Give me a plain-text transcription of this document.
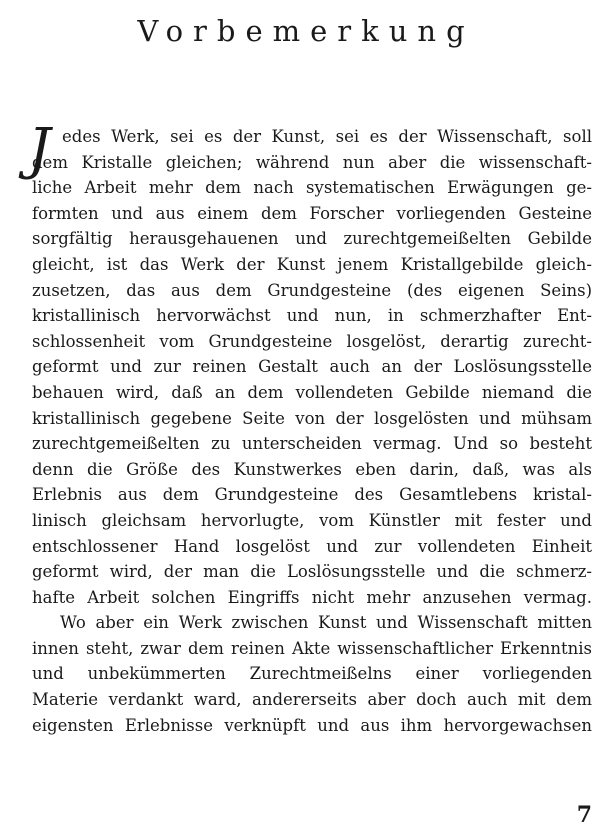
Vorbemerkung
J edes Werk, sei es der Kunst, sei es der Wissenschaft, soll
dem Kristalle gleichen; während nun aber die wissenschaft-
liche Arbeit mehr dem nach systematischen Erwägungen ge-
formten und aus einem dem Forscher vorliegenden Gesteine
sorgfältig herausgehauenen und zurechtgemeißelten Gebilde
gleicht, ist das Werk der Kunst jenem Kristallgebilde gleich-
zusetzen, das aus dem Grundgesteine (des eigenen Seins)
kristallinisch hervorwächst und nun, in schmerzhafter Ent-
schlossenheit vom Grundgesteine losgelöst, derartig zurecht-
geformt und zur reinen Gestalt auch an der Loslösungsstelle
behauen wird, daß an dem vollendeten Gebilde niemand die
kristallinisch gegebene Seite von der losgelösten und mühsam
zurechtgemeißelten zu unterscheiden vermag. Und so besteht
denn die Größe des Kunstwerkes eben darin, daß, was als
Erlebnis aus dem Grundgesteine des Gesamtlebens kristal-
linisch gleichsam hervorlugte, vom Künstler mit fester und
entschlossener Hand losgelöst und zur vollendeten Einheit
geformt wird, der man die Loslösungsstelle und die schmerz-
hafte Arbeit solchen Eingriffs nicht mehr anzusehen vermag.
Wo aber ein Werk zwischen Kunst und Wissenschaft mitten
innen steht, zwar dem reinen Akte wissenschaftlicher Erkenntnis
und unbekümmerten Zurechtmeißelns einer vorliegenden
Materie verdankt ward, andererseits aber doch auch mit dem
eigensten Erlebnisse verknüpft und aus ihm hervorgewachsen

7
